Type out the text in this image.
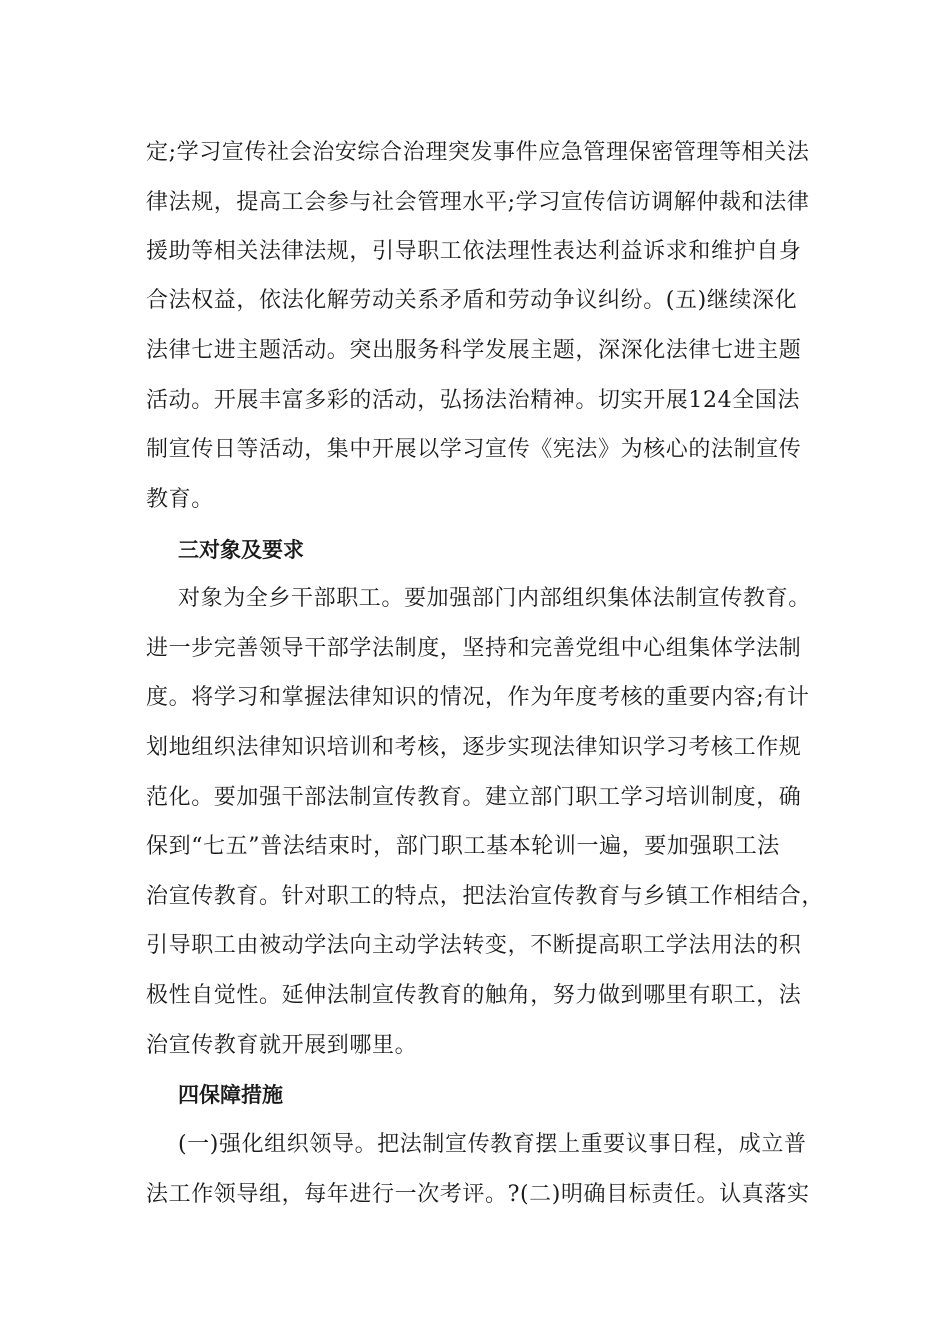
定;学习宣传社会治安综合治理突发事件应急管理保密管理等相关法
律法规，提高工会参与社会管理水平;学习宣传信访调解仲裁和法律
援助等相关法律法规，引导职工依法理性表达利益诉求和维护自身
合法权益，依法化解劳动关系矛盾和劳动争议纠纷。(五)继续深化
法律七进主题活动。突出服务科学发展主题，深深化法律七进主题
活动。开展丰富多彩的活动，弘扬法治精神。切实开展124全国法
制宣传日等活动，集中开展以学习宣传《宪法》为核心的法制宣传
教育。
三对象及要求
对象为全乡干部职工。要加强部门内部组织集体法制宣传教育。
进一步完善领导干部学法制度，坚持和完善党组中心组集体学法制
度。将学习和掌握法律知识的情况，作为年度考核的重要内容;有计
划地组织法律知识培训和考核，逐步实现法律知识学习考核工作规
范化。要加强干部法制宣传教育。建立部门职工学习培训制度，确
保到“七五”普法结束时，部门职工基本轮训一遍，要加强职工法
治宣传教育。针对职工的特点，把法治宣传教育与乡镇工作相结合，
引导职工由被动学法向主动学法转变，不断提高职工学法用法的积
极性自觉性。延伸法制宣传教育的触角，努力做到哪里有职工，法
治宣传教育就开展到哪里。
四保障措施
(一)强化组织领导。把法制宣传教育摆上重要议事日程，成立普
法工作领导组，每年进行一次考评。?(二)明确目标责任。认真落实
